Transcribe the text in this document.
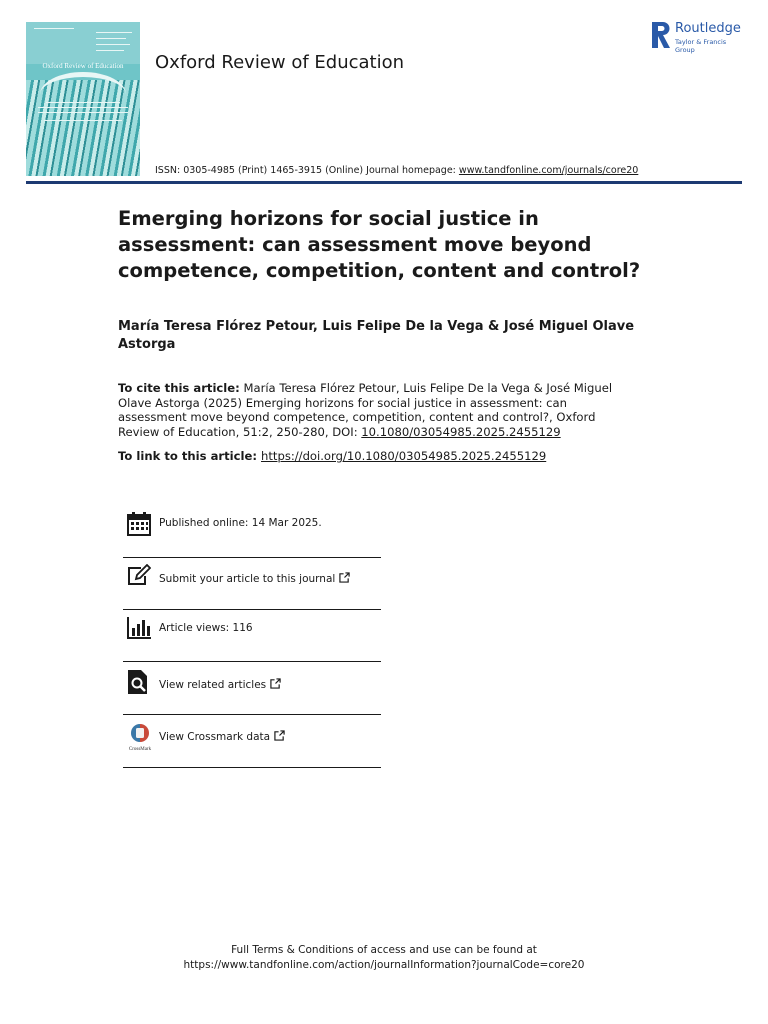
Oxford Review of Education	Oxford Review of Education
Routledge
Taylor & Francis Group
ISSN: 0305-4985 (Print) 1465-3915 (Online) Journal homepage: www.tandfonline.com/journals/core20
Emerging horizons for social justice in assessment: can assessment move beyond competence, competition, content and control?
María Teresa Flórez Petour, Luis Felipe De la Vega & José Miguel Olave Astorga
To cite this article: María Teresa Flórez Petour, Luis Felipe De la Vega & José Miguel Olave Astorga (2025) Emerging horizons for social justice in assessment: can assessment move beyond competence, competition, content and control?, Oxford Review of Education, 51:2, 250-280, DOI: 10.1080/03054985.2025.2455129
To link to this article: https://doi.org/10.1080/03054985.2025.2455129
Published online: 14 Mar 2025.
Submit your article to this journal
Article views: 116
View related articles
CrossMark
View Crossmark data
Full Terms & Conditions of access and use can be found at
https://www.tandfonline.com/action/journalInformation?journalCode=core20
